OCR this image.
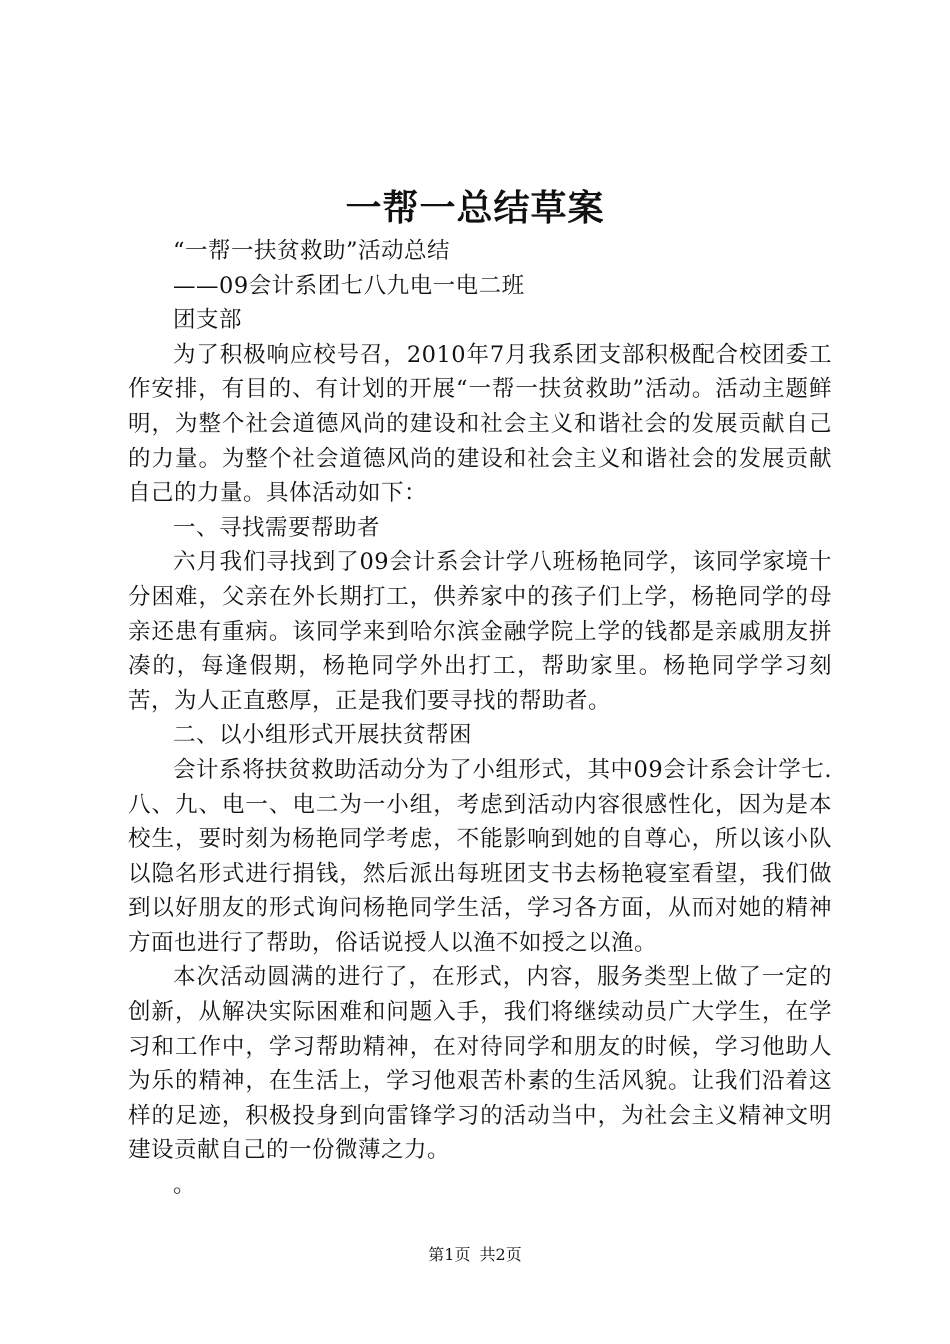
一帮一总结草案

“一帮一扶贫救助”活动总结

——09会计系团七八九电一电二班

团支部

为了积极响应校号召，2010年7月我系团支部积极配合校团委工作安排，有目的、有计划的开展“一帮一扶贫救助”活动。活动主题鲜明，为整个社会道德风尚的建设和社会主义和谐社会的发展贡献自己的力量。为整个社会道德风尚的建设和社会主义和谐社会的发展贡献自己的力量。具体活动如下：

一、寻找需要帮助者

六月我们寻找到了09会计系会计学八班杨艳同学，该同学家境十分困难，父亲在外长期打工，供养家中的孩子们上学，杨艳同学的母亲还患有重病。该同学来到哈尔滨金融学院上学的钱都是亲戚朋友拼凑的，每逢假期，杨艳同学外出打工，帮助家里。杨艳同学学习刻苦，为人正直憨厚，正是我们要寻找的帮助者。

二、以小组形式开展扶贫帮困

会计系将扶贫救助活动分为了小组形式，其中09会计系会计学七.八、九、电一、电二为一小组，考虑到活动内容很感性化，因为是本校生，要时刻为杨艳同学考虑，不能影响到她的自尊心，所以该小队以隐名形式进行捐钱，然后派出每班团支书去杨艳寝室看望，我们做到以好朋友的形式询问杨艳同学生活，学习各方面，从而对她的精神方面也进行了帮助，俗话说授人以渔不如授之以渔。

本次活动圆满的进行了，在形式，内容，服务类型上做了一定的创新，从解决实际困难和问题入手，我们将继续动员广大学生，在学习和工作中，学习帮助精神，在对待同学和朋友的时候，学习他助人为乐的精神，在生活上，学习他艰苦朴素的生活风貌。让我们沿着这样的足迹，积极投身到向雷锋学习的活动当中，为社会主义精神文明建设贡献自己的一份微薄之力。

。

第1页 共2页
